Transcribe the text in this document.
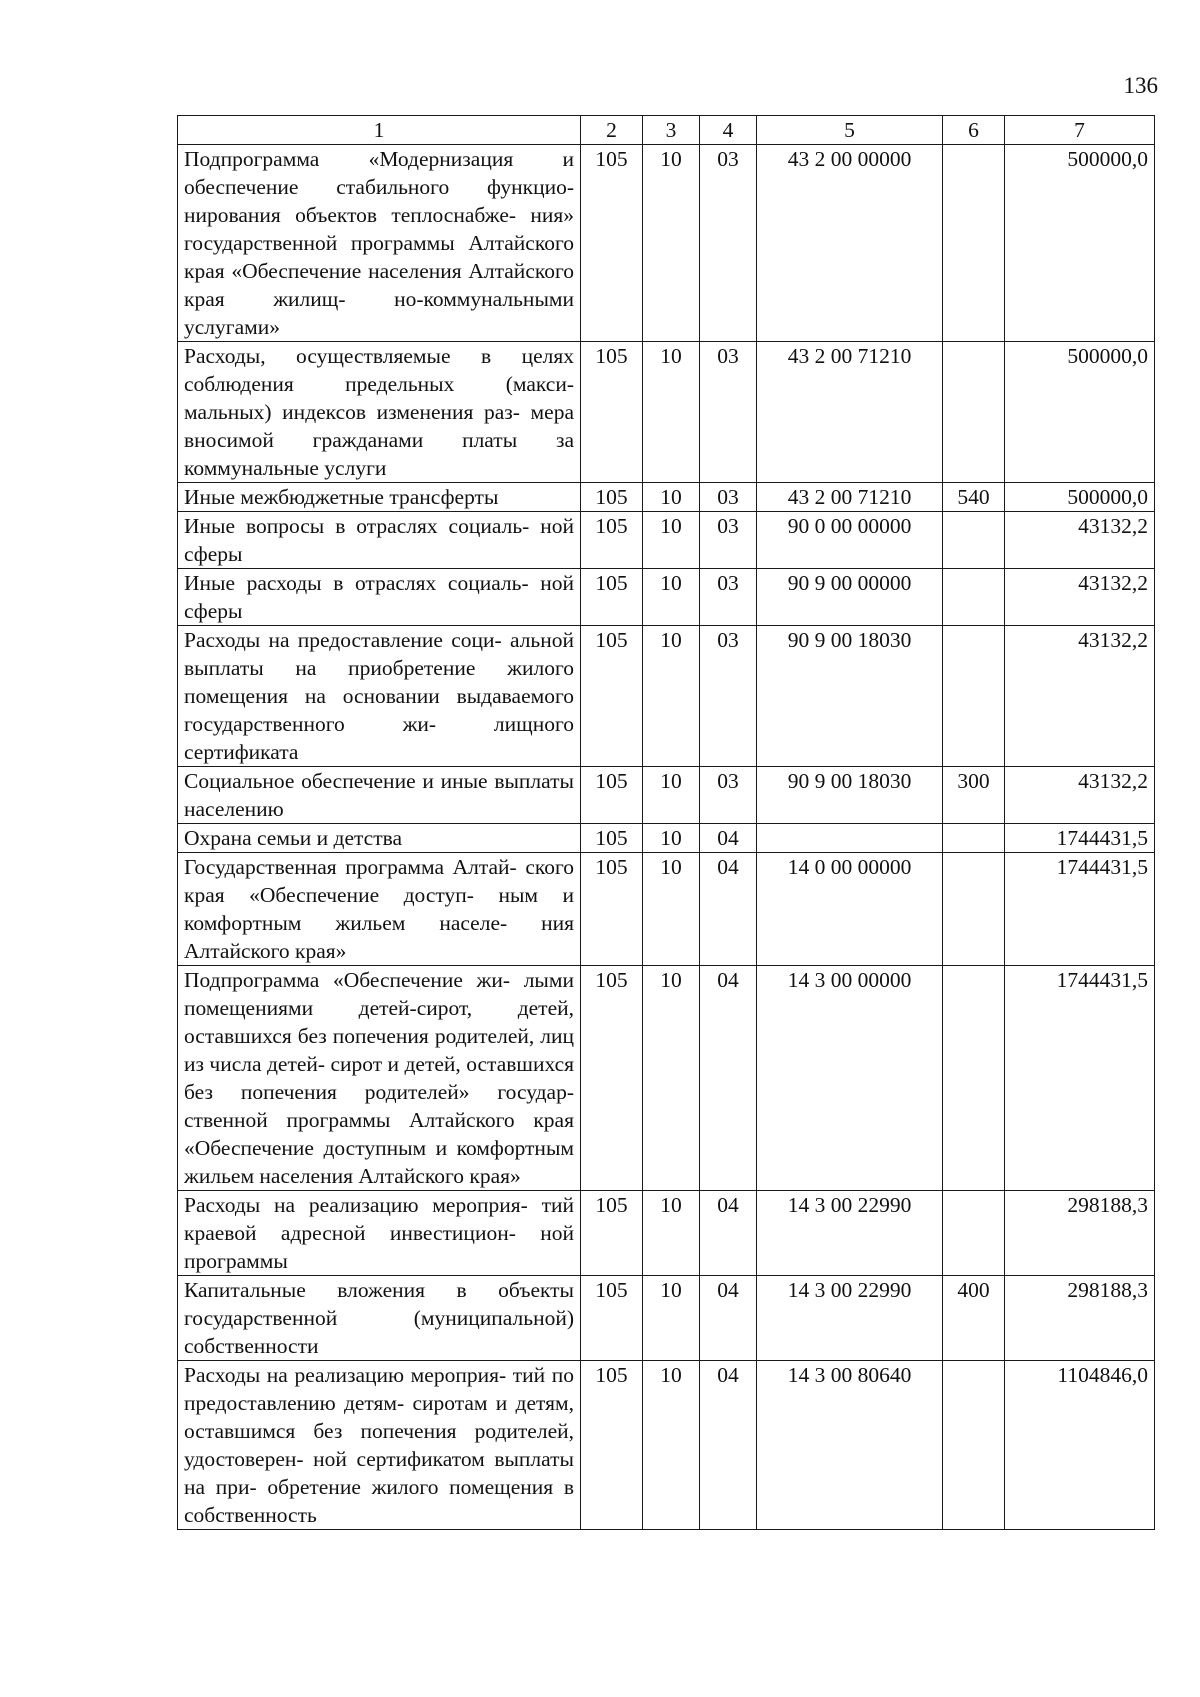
136
1	2	3	4	5	6	7
Подпрограмма «Модернизация и обеспечение стабильного функцио- нирования объектов теплоснабже- ния» государственной программы Алтайского края «Обеспечение населения Алтайского края жилищ- но-коммунальными услугами»	105	10	03	43 2 00 00000		500000,0
Расходы, осуществляемые в целях соблюдения предельных (макси- мальных) индексов изменения раз- мера вносимой гражданами платы за коммунальные услуги	105	10	03	43 2 00 71210		500000,0
Иные межбюджетные трансферты	105	10	03	43 2 00 71210	540	500000,0
Иные вопросы в отраслях социаль- ной сферы	105	10	03	90 0 00 00000		43132,2
Иные расходы в отраслях социаль- ной сферы	105	10	03	90 9 00 00000		43132,2
Расходы на предоставление соци- альной выплаты на приобретение жилого помещения на основании выдаваемого государственного жи- лищного сертификата	105	10	03	90 9 00 18030		43132,2
Социальное обеспечение и иные выплаты населению	105	10	03	90 9 00 18030	300	43132,2
Охрана семьи и детства	105	10	04			1744431,5
Государственная программа Алтай- ского края «Обеспечение доступ- ным и комфортным жильем населе- ния Алтайского края»	105	10	04	14 0 00 00000		1744431,5
Подпрограмма «Обеспечение жи- лыми помещениями детей-сирот, детей, оставшихся без попечения родителей, лиц из числа детей- сирот и детей, оставшихся без попечения родителей» государ- ственной программы Алтайского края «Обеспечение доступным и комфортным жильем населения Алтайского края»	105	10	04	14 3 00 00000		1744431,5
Расходы на реализацию мероприя- тий краевой адресной инвестицион- ной программы	105	10	04	14 3 00 22990		298188,3
Капитальные вложения в объекты государственной (муниципальной) собственности	105	10	04	14 3 00 22990	400	298188,3
Расходы на реализацию мероприя- тий по предоставлению детям- сиротам и детям, оставшимся без попечения родителей, удостоверен- ной сертификатом выплаты на при- обретение жилого помещения в собственность	105	10	04	14 3 00 80640		1104846,0
